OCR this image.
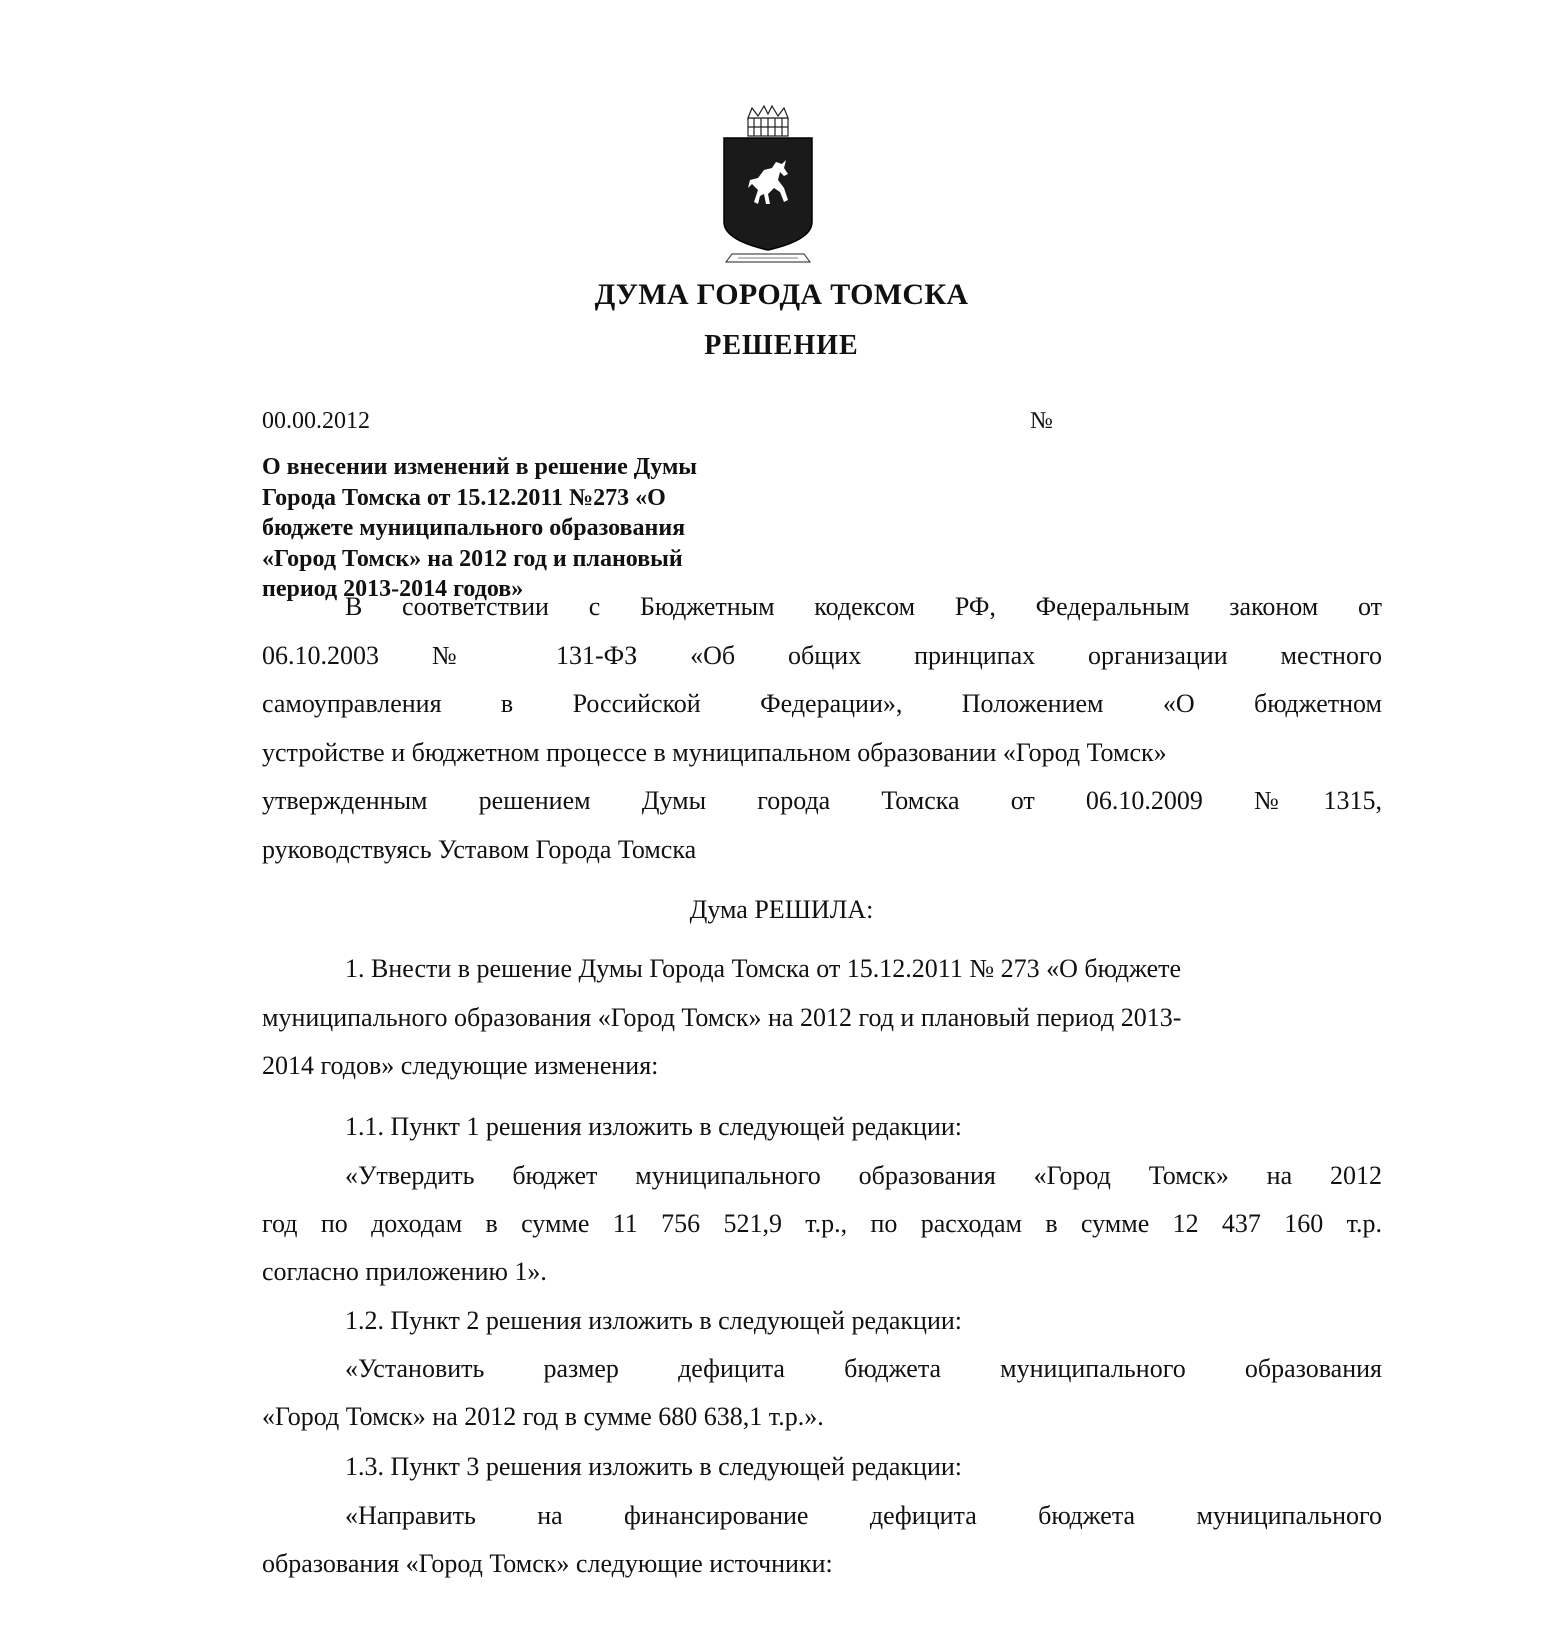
ДУМА ГОРОДА ТОМСКА
РЕШЕНИЕ
00.00.2012	№
О внесении изменений в решение Думы
Города Томска от 15.12.2011 №273 «О
бюджете муниципального образования
«Город Томск» на 2012 год и плановый
период 2013-2014 годов»
В соответствии с Бюджетным кодексом РФ, Федеральным законом от
06.10.2003 № 131-ФЗ «Об общих принципах организации местного
самоуправления в Российской Федерации», Положением «О бюджетном
устройстве и бюджетном процессе в муниципальном образовании «Город Томск»
утвержденным решением Думы города Томска от 06.10.2009 №1315,
руководствуясь Уставом Города Томска
Дума РЕШИЛА:
1. Внести в решение Думы Города Томска от 15.12.2011 № 273 «О бюджете
муниципального образования «Город Томск» на 2012 год и плановый период 2013-
2014 годов» следующие изменения:
1.1. Пункт 1 решения изложить в следующей редакции:
«Утвердить бюджет муниципального образования «Город Томск» на 2012
год по доходам в сумме 11 756 521,9 т.р., по расходам в сумме 12 437 160 т.р.
согласно приложению 1».
1.2. Пункт 2 решения изложить в следующей редакции:
«Установить размер дефицита бюджета муниципального образования
«Город Томск» на 2012 год в сумме 680 638,1 т.р.».
1.3. Пункт 3 решения изложить в следующей редакции:
«Направить на финансирование дефицита бюджета муниципального
образования «Город Томск» следующие источники:
